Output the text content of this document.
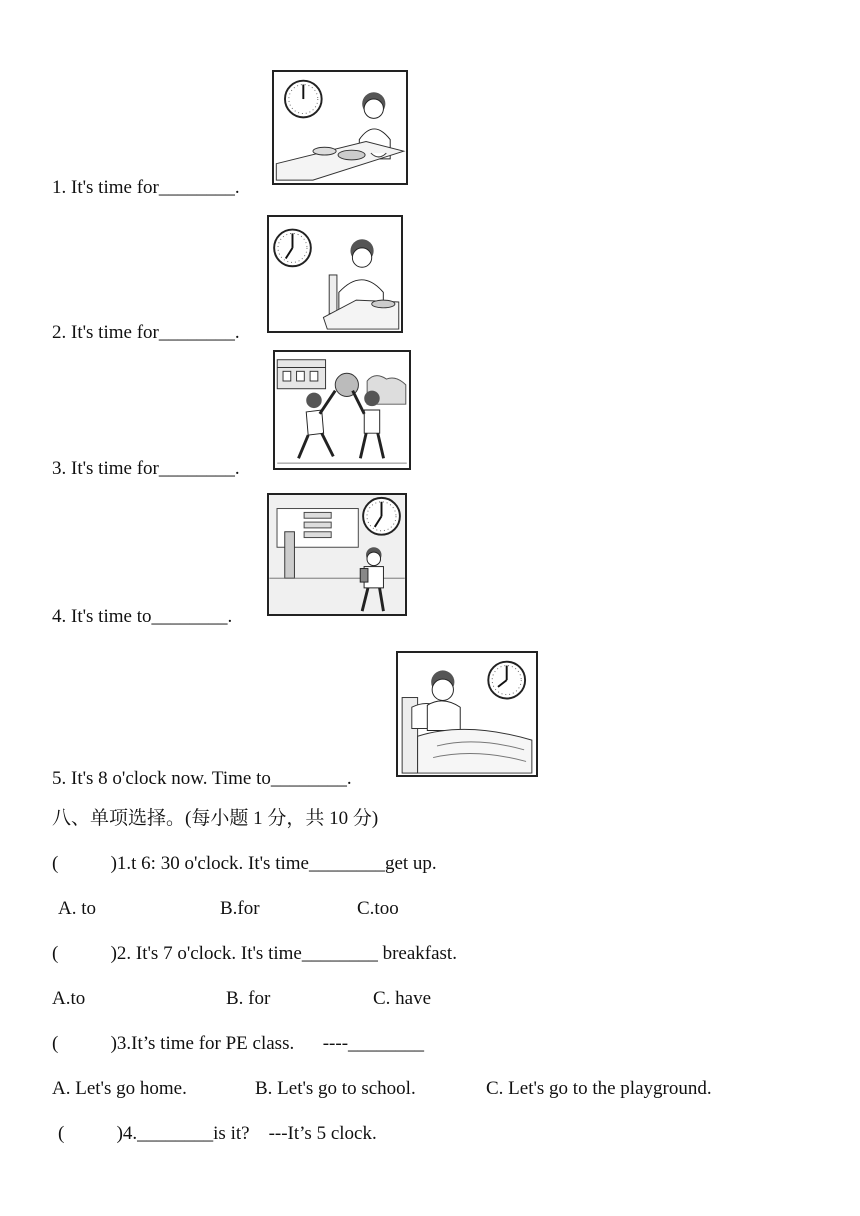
1. It's time for________.
2. It's time for________.
3. It's time for________.
4. It's time to________.
5. It's 8 o'clock now. Time to________.
八、单项选择。(每小题 1 分，共 10 分)
(           )1.t 6: 30 o'clock. It's time________get up.
A. to	B.for	C.too
(           )2. It's 7 o'clock. It's time________ breakfast.
A.to	B. for	C. have
(           )3.It’s time for PE class.      ----________
A. Let's go home.	B. Let's go to school.	C. Let's go to the playground.
(           )4.________is it?    ---It’s 5 clock.
